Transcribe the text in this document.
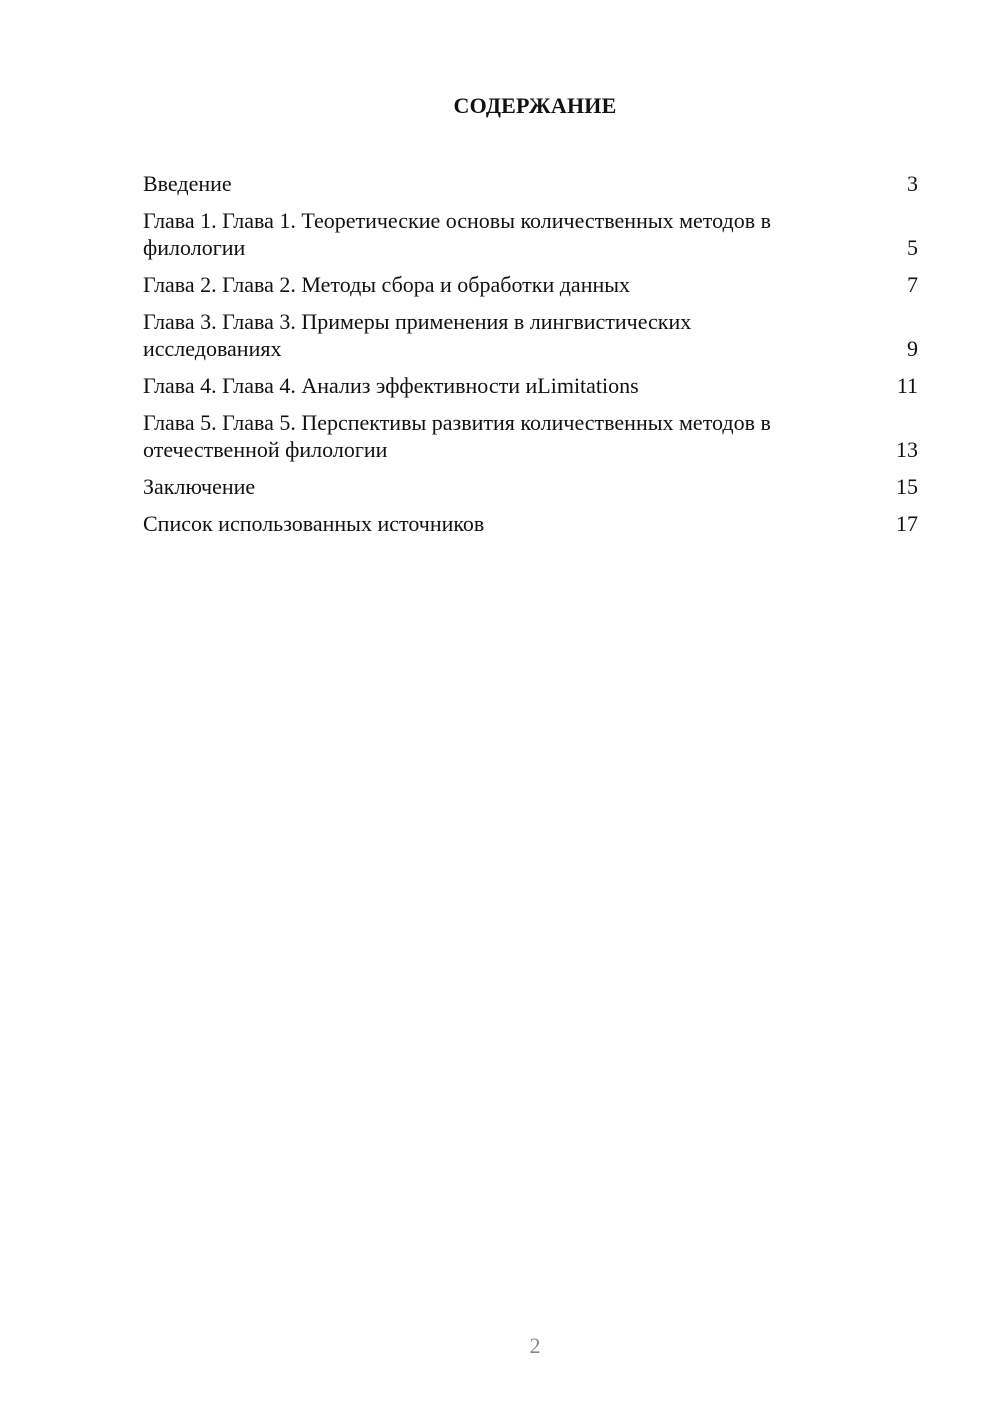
СОДЕРЖАНИЕ
Введение	3
Глава 1. Глава 1. Теоретические основы количественных методов в филологии	5
Глава 2. Глава 2. Методы сбора и обработки данных	7
Глава 3. Глава 3. Примеры применения в лингвистических исследованиях	9
Глава 4. Глава 4. Анализ эффективности иLimitations	11
Глава 5. Глава 5. Перспективы развития количественных методов в отечественной филологии	13
Заключение	15
Список использованных источников	17
2
